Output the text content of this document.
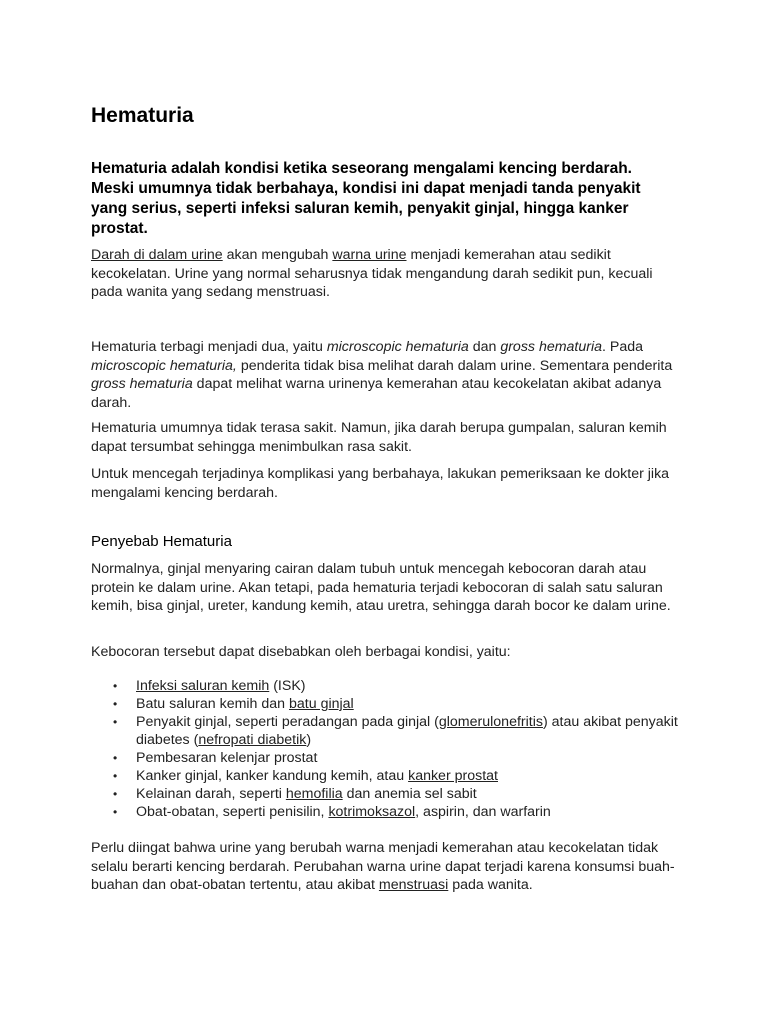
Hematuria

Hematuria adalah kondisi ketika seseorang mengalami kencing berdarah. Meski umumnya tidak berbahaya, kondisi ini dapat menjadi tanda penyakit yang serius, seperti infeksi saluran kemih, penyakit ginjal, hingga kanker prostat.

Darah di dalam urine akan mengubah warna urine menjadi kemerahan atau sedikit kecokelatan. Urine yang normal seharusnya tidak mengandung darah sedikit pun, kecuali pada wanita yang sedang menstruasi.

Hematuria terbagi menjadi dua, yaitu microscopic hematuria dan gross hematuria. Pada microscopic hematuria, penderita tidak bisa melihat darah dalam urine. Sementara penderita gross hematuria dapat melihat warna urinenya kemerahan atau kecokelatan akibat adanya darah.

Hematuria umumnya tidak terasa sakit. Namun, jika darah berupa gumpalan, saluran kemih dapat tersumbat sehingga menimbulkan rasa sakit.

Untuk mencegah terjadinya komplikasi yang berbahaya, lakukan pemeriksaan ke dokter jika mengalami kencing berdarah.

Penyebab Hematuria

Normalnya, ginjal menyaring cairan dalam tubuh untuk mencegah kebocoran darah atau protein ke dalam urine. Akan tetapi, pada hematuria terjadi kebocoran di salah satu saluran kemih, bisa ginjal, ureter, kandung kemih, atau uretra, sehingga darah bocor ke dalam urine.

Kebocoran tersebut dapat disebabkan oleh berbagai kondisi, yaitu:

• Infeksi saluran kemih (ISK)
• Batu saluran kemih dan batu ginjal
• Penyakit ginjal, seperti peradangan pada ginjal (glomerulonefritis) atau akibat penyakit diabetes (nefropati diabetik)
• Pembesaran kelenjar prostat
• Kanker ginjal, kanker kandung kemih, atau kanker prostat
• Kelainan darah, seperti hemofilia dan anemia sel sabit
• Obat-obatan, seperti penisilin, kotrimoksazol, aspirin, dan warfarin

Perlu diingat bahwa urine yang berubah warna menjadi kemerahan atau kecokelatan tidak selalu berarti kencing berdarah. Perubahan warna urine dapat terjadi karena konsumsi buah-buahan dan obat-obatan tertentu, atau akibat menstruasi pada wanita.
